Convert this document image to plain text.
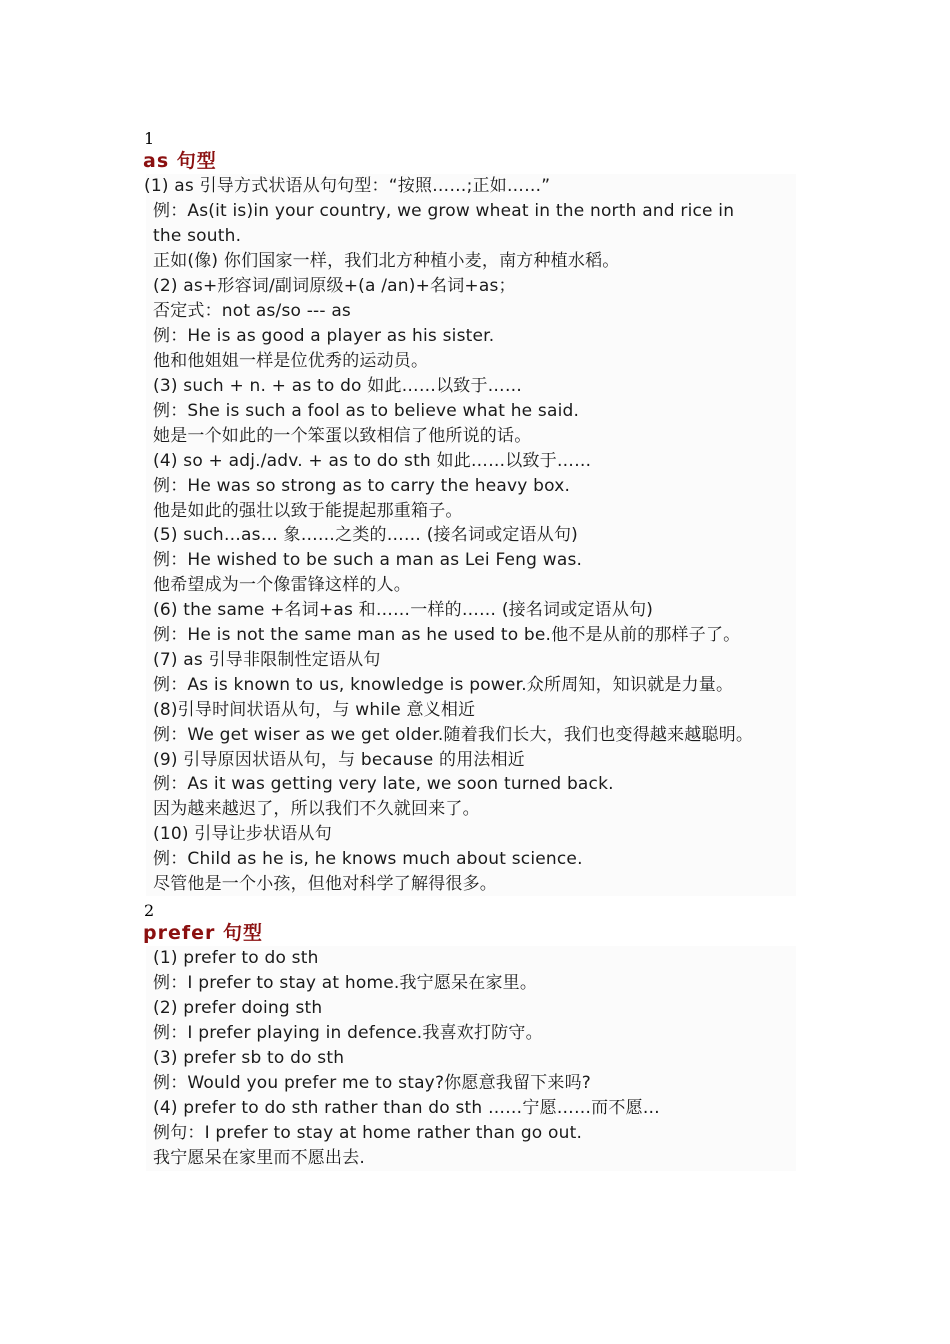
1
as 句型
(1) as 引导方式状语从句句型：“按照……;正如……”
例：As(it is)in your country, we grow wheat in the north and rice in
the south.
正如(像) 你们国家一样，我们北方种植小麦，南方种植水稻。
(2) as+形容词/副词原级+(a /an)+名词+as；
否定式：not as/so --- as
例：He is as good a player as his sister.
他和他姐姐一样是位优秀的运动员。
(3) such + n. + as to do 如此……以致于……
例：She is such a fool as to believe what he said.
她是一个如此的一个笨蛋以致相信了他所说的话。
(4) so + adj./adv. + as to do sth 如此……以致于……
例：He was so strong as to carry the heavy box.
他是如此的强壮以致于能提起那重箱子。
(5) such…as… 象……之类的…… (接名词或定语从句)
例：He wished to be such a man as Lei Feng was.
他希望成为一个像雷锋这样的人。
(6) the same +名词+as 和……一样的…… (接名词或定语从句)
例：He is not the same man as he used to be.他不是从前的那样子了。
(7) as 引导非限制性定语从句
例：As is known to us, knowledge is power.众所周知，知识就是力量。
(8)引导时间状语从句，与 while 意义相近
例：We get wiser as we get older.随着我们长大，我们也变得越来越聪明。
(9) 引导原因状语从句，与 because 的用法相近
例：As it was getting very late, we soon turned back.
因为越来越迟了，所以我们不久就回来了。
(10) 引导让步状语从句
例：Child as he is, he knows much about science.
尽管他是一个小孩，但他对科学了解得很多。
2
prefer 句型
(1) prefer to do sth
例：I prefer to stay at home.我宁愿呆在家里。
(2) prefer doing sth
例：I prefer playing in defence.我喜欢打防守。
(3) prefer sb to do sth
例：Would you prefer me to stay?你愿意我留下来吗?
(4) prefer to do sth rather than do sth ……宁愿……而不愿…
例句：I prefer to stay at home rather than go out.
我宁愿呆在家里而不愿出去.
